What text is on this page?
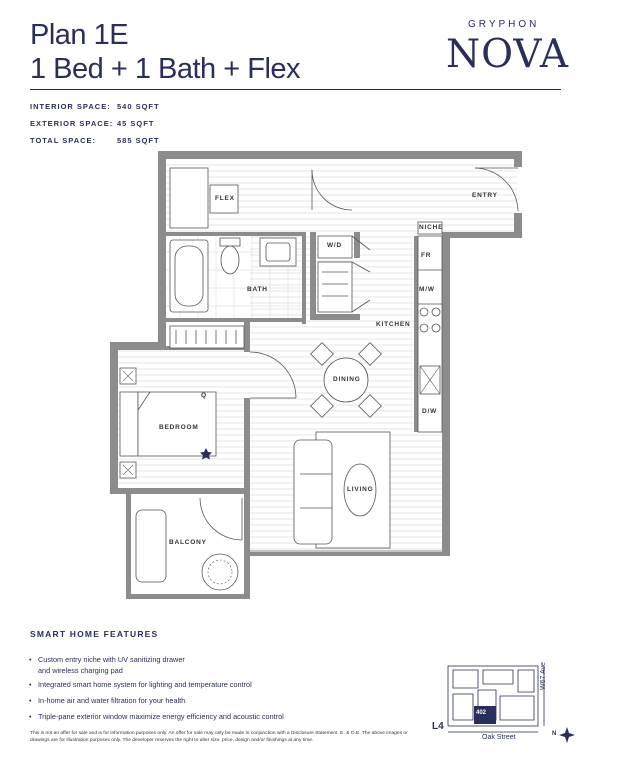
Plan 1E
1 Bed + 1 Bath + Flex
GRYPHON
NOVA
INTERIOR SPACE: 540 SQFT
EXTERIOR SPACE: 45 SQFT
TOTAL SPACE:	585 SQFT
FLEX	ENTRY
NICHE
W/D
FR
M/W
BATH
KITCHEN
DINING
Q
BEDROOM
D/W
LIVING
BALCONY
SMART HOME FEATURES
• Custom entry niche with UV sanitizing drawer
and wireless charging pad
• Integrated smart home system for lighting and temperature control
• In-home air and water filtration for your health
• Triple-pane exterior window maximize energy efficiency and acoustic control
This is not an offer for sale and is for information purposes only. An offer for sale may only be made in conjunction with a Disclosure Statement. E. & O.E. The above images or drawings are for illustration purposes only. The developer reserves the right to alter size, price, design and/or finishings at any time.
402
L4
Oak Street
W67 Ave
N
